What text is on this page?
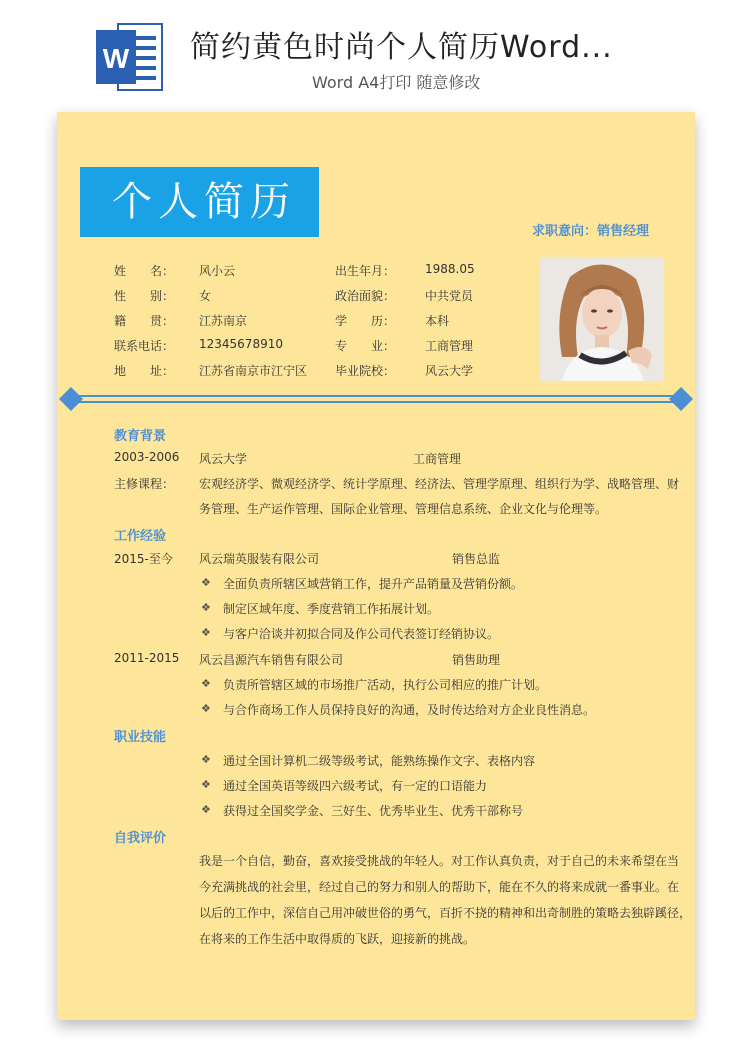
W 简约黄色时尚个人简历Word...
Word A4打印 随意修改
个人简历
求职意向：销售经理
姓　　名： 风小云	出生年月： 1988.05
性　　别： 女	政治面貌： 中共党员
籍　　贯： 江苏南京	学　　历： 本科
联系电话： 12345678910	专　　业： 工商管理
地　　址： 江苏省南京市江宁区 毕业院校： 风云大学
教育背景
2003-2006 风云大学	工商管理
主修课程： 宏观经济学、微观经济学、统计学原理、经济法、管理学原理、组织行为学、战略管理、财
务管理、生产运作管理、国际企业管理、管理信息系统、企业文化与伦理等。
工作经验
2015-至今 风云瑞英服装有限公司	销售总监
❖ 全面负责所辖区域营销工作，提升产品销量及营销份额。
❖ 制定区域年度、季度营销工作拓展计划。
❖ 与客户洽谈并初拟合同及作公司代表签订经销协议。
2011-2015 风云昌源汽车销售有限公司	销售助理
❖ 负责所管辖区域的市场推广活动，执行公司相应的推广计划。
❖ 与合作商场工作人员保持良好的沟通，及时传达给对方企业良性消息。
职业技能
❖ 通过全国计算机二级等级考试，能熟练操作文字、表格内容
❖ 通过全国英语等级四六级考试，有一定的口语能力
❖ 获得过全国奖学金、三好生、优秀毕业生、优秀干部称号
自我评价
我是一个自信，勤奋，喜欢接受挑战的年轻人。对工作认真负责，对于自己的未来希望在当
今充满挑战的社会里，经过自己的努力和别人的帮助下，能在不久的将来成就一番事业。在
以后的工作中，深信自己用冲破世俗的勇气，百折不挠的精神和出奇制胜的策略去独辟蹊径，
在将来的工作生活中取得质的飞跃，迎接新的挑战。
